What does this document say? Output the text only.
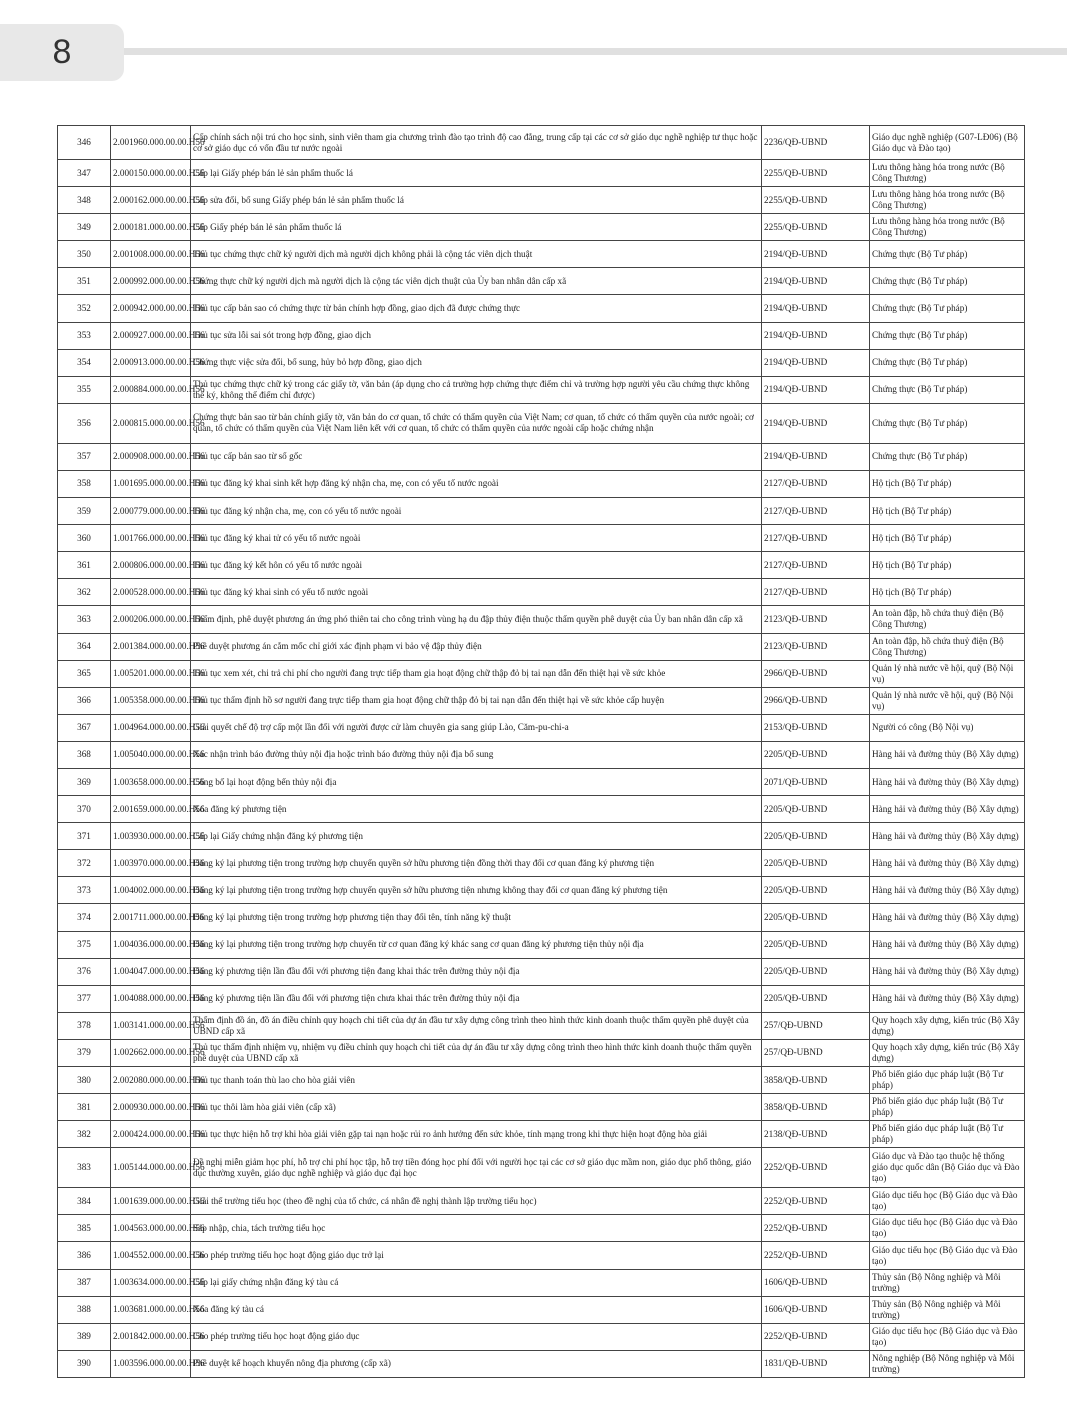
8
346	2.001960.000.00.00.H56	Cấp chính sách nội trú cho học sinh, sinh viên tham gia chương trình đào tạo trình độ cao đẳng, trung cấp tại các cơ sở giáo dục nghề nghiệp tư thục hoặc cơ sở giáo dục có vốn đầu tư nước ngoài	2236/QĐ-UBND	Giáo dục nghề nghiệp (G07-LĐ06) (Bộ Giáo dục và Đào tạo)
347	2.000150.000.00.00.H56	Cấp lại Giấy phép bán lẻ sản phẩm thuốc lá	2255/QĐ-UBND	Lưu thông hàng hóa trong nước (Bộ Công Thương)
348	2.000162.000.00.00.H56	Cấp sửa đổi, bổ sung Giấy phép bán lẻ sản phẩm thuốc lá	2255/QĐ-UBND	Lưu thông hàng hóa trong nước (Bộ Công Thương)
349	2.000181.000.00.00.H56	Cấp Giấy phép bán lẻ sản phẩm thuốc lá	2255/QĐ-UBND	Lưu thông hàng hóa trong nước (Bộ Công Thương)
350	2.001008.000.00.00.H56	Thủ tục chứng thực chữ ký người dịch mà người dịch không phải là cộng tác viên dịch thuật	2194/QĐ-UBND	Chứng thực (Bộ Tư pháp)
351	2.000992.000.00.00.H56	Chứng thực chữ ký người dịch mà người dịch là cộng tác viên dịch thuật của Ủy ban nhân dân cấp xã	2194/QĐ-UBND	Chứng thực (Bộ Tư pháp)
352	2.000942.000.00.00.H56	Thủ tục cấp bản sao có chứng thực từ bản chính hợp đồng, giao dịch đã được chứng thực	2194/QĐ-UBND	Chứng thực (Bộ Tư pháp)
353	2.000927.000.00.00.H56	Thủ tục sửa lỗi sai sót trong hợp đồng, giao dịch	2194/QĐ-UBND	Chứng thực (Bộ Tư pháp)
354	2.000913.000.00.00.H56	Chứng thực việc sửa đổi, bổ sung, hủy bỏ hợp đồng, giao dịch	2194/QĐ-UBND	Chứng thực (Bộ Tư pháp)
355	2.000884.000.00.00.H56	Thủ tục chứng thực chữ ký trong các giấy tờ, văn bản (áp dụng cho cả trường hợp chứng thực điểm chỉ và trường hợp người yêu cầu chứng thực không thể ký, không thể điểm chỉ được)	2194/QĐ-UBND	Chứng thực (Bộ Tư pháp)
356	2.000815.000.00.00.H56	Chứng thực bản sao từ bản chính giấy tờ, văn bản do cơ quan, tổ chức có thẩm quyền của Việt Nam; cơ quan, tổ chức có thẩm quyền của nước ngoài; cơ quan, tổ chức có thẩm quyền của Việt Nam liên kết với cơ quan, tổ chức có thẩm quyền của nước ngoài cấp hoặc chứng nhận	2194/QĐ-UBND	Chứng thực (Bộ Tư pháp)
357	2.000908.000.00.00.H56	Thủ tục cấp bản sao từ sổ gốc	2194/QĐ-UBND	Chứng thực (Bộ Tư pháp)
358	1.001695.000.00.00.H56	Thủ tục đăng ký khai sinh kết hợp đăng ký nhận cha, mẹ, con có yếu tố nước ngoài	2127/QĐ-UBND	Hộ tịch (Bộ Tư pháp)
359	2.000779.000.00.00.H56	Thủ tục đăng ký nhận cha, mẹ, con có yếu tố nước ngoài	2127/QĐ-UBND	Hộ tịch (Bộ Tư pháp)
360	1.001766.000.00.00.H56	Thủ tục đăng ký khai tử có yếu tố nước ngoài	2127/QĐ-UBND	Hộ tịch (Bộ Tư pháp)
361	2.000806.000.00.00.H56	Thủ tục đăng ký kết hôn có yếu tố nước ngoài	2127/QĐ-UBND	Hộ tịch (Bộ Tư pháp)
362	2.000528.000.00.00.H56	Thủ tục đăng ký khai sinh có yếu tố nước ngoài	2127/QĐ-UBND	Hộ tịch (Bộ Tư pháp)
363	2.000206.000.00.00.H56	Thẩm định, phê duyệt phương án ứng phó thiên tai cho công trình vùng hạ du đập thủy điện thuộc thẩm quyền phê duyệt của Ủy ban nhân dân cấp xã	2123/QĐ-UBND	An toàn đập, hồ chứa thuỷ điện (Bộ Công Thương)
364	2.001384.000.00.00.H56	Phê duyệt phương án cắm mốc chỉ giới xác định phạm vi bảo vệ đập thủy điện	2123/QĐ-UBND	An toàn đập, hồ chứa thuỷ điện (Bộ Công Thương)
365	1.005201.000.00.00.H56	Thủ tục xem xét, chi trả chi phí cho người đang trực tiếp tham gia hoạt động chữ thập đỏ bị tai nạn dẫn đến thiệt hại về sức khỏe	2966/QĐ-UBND	Quản lý nhà nước về hội, quỹ (Bộ Nội vụ)
366	1.005358.000.00.00.H56	Thủ tục thẩm định hồ sơ người đang trực tiếp tham gia hoạt động chữ thập đỏ bị tai nạn dẫn đến thiệt hại về sức khỏe cấp huyện	2966/QĐ-UBND	Quản lý nhà nước về hội, quỹ (Bộ Nội vụ)
367	1.004964.000.00.00.H56	Giải quyết chế độ trợ cấp một lần đối với người được cử làm chuyên gia sang giúp Lào, Căm-pu-chi-a	2153/QĐ-UBND	Người có công (Bộ Nội vụ)
368	1.005040.000.00.00.H56	Xác nhận trình báo đường thủy nội địa hoặc trình báo đường thủy nội địa bổ sung	2205/QĐ-UBND	Hàng hải và đường thủy (Bộ Xây dựng)
369	1.003658.000.00.00.H56	Công bố lại hoạt động bến thủy nội địa	2071/QĐ-UBND	Hàng hải và đường thủy (Bộ Xây dựng)
370	2.001659.000.00.00.H56	Xóa đăng ký phương tiện	2205/QĐ-UBND	Hàng hải và đường thủy (Bộ Xây dựng)
371	1.003930.000.00.00.H56	Cấp lại Giấy chứng nhận đăng ký phương tiện	2205/QĐ-UBND	Hàng hải và đường thủy (Bộ Xây dựng)
372	1.003970.000.00.00.H56	Đăng ký lại phương tiện trong trường hợp chuyển quyền sở hữu phương tiện đồng thời thay đổi cơ quan đăng ký phương tiện	2205/QĐ-UBND	Hàng hải và đường thủy (Bộ Xây dựng)
373	1.004002.000.00.00.H56	Đăng ký lại phương tiện trong trường hợp chuyển quyền sở hữu phương tiện nhưng không thay đổi cơ quan đăng ký phương tiện	2205/QĐ-UBND	Hàng hải và đường thủy (Bộ Xây dựng)
374	2.001711.000.00.00.H56	Đăng ký lại phương tiện trong trường hợp phương tiện thay đổi tên, tính năng kỹ thuật	2205/QĐ-UBND	Hàng hải và đường thủy (Bộ Xây dựng)
375	1.004036.000.00.00.H56	Đăng ký lại phương tiện trong trường hợp chuyển từ cơ quan đăng ký khác sang cơ quan đăng ký phương tiện thủy nội địa	2205/QĐ-UBND	Hàng hải và đường thủy (Bộ Xây dựng)
376	1.004047.000.00.00.H56	Đăng ký phương tiện lần đầu đối với phương tiện đang khai thác trên đường thủy nội địa	2205/QĐ-UBND	Hàng hải và đường thủy (Bộ Xây dựng)
377	1.004088.000.00.00.H56	Đăng ký phương tiện lần đầu đối với phương tiện chưa khai thác trên đường thủy nội địa	2205/QĐ-UBND	Hàng hải và đường thủy (Bộ Xây dựng)
378	1.003141.000.00.00.H56	Thẩm định đồ án, đồ án điều chỉnh quy hoạch chi tiết của dự án đầu tư xây dựng công trình theo hình thức kinh doanh thuộc thẩm quyền phê duyệt của UBND cấp xã	257/QĐ-UBND	Quy hoạch xây dựng, kiến trúc (Bộ Xây dựng)
379	1.002662.000.00.00.H56	Thủ tục thẩm định nhiệm vụ, nhiệm vụ điều chỉnh quy hoạch chi tiết của dự án đầu tư xây dựng công trình theo hình thức kinh doanh thuộc thẩm quyền phê duyệt của UBND cấp xã	257/QĐ-UBND	Quy hoạch xây dựng, kiến trúc (Bộ Xây dựng)
380	2.002080.000.00.00.H56	Thủ tục thanh toán thù lao cho hòa giải viên	3858/QĐ-UBND	Phổ biến giáo dục pháp luật (Bộ Tư pháp)
381	2.000930.000.00.00.H56	Thủ tục thôi làm hòa giải viên (cấp xã)	3858/QĐ-UBND	Phổ biến giáo dục pháp luật (Bộ Tư pháp)
382	2.000424.000.00.00.H56	Thủ tục thực hiện hỗ trợ khi hòa giải viên gặp tai nạn hoặc rủi ro ảnh hưởng đến sức khỏe, tính mạng trong khi thực hiện hoạt động hòa giải	2138/QĐ-UBND	Phổ biến giáo dục pháp luật (Bộ Tư pháp)
383	1.005144.000.00.00.H56	Đề nghị miễn giảm học phí, hỗ trợ chi phí học tập, hỗ trợ tiền đóng học phí đối với người học tại các cơ sở giáo dục mầm non, giáo dục phổ thông, giáo dục thường xuyên, giáo dục nghề nghiệp và giáo dục đại học	2252/QĐ-UBND	Giáo dục và Đào tạo thuộc hệ thống giáo dục quốc dân (Bộ Giáo dục và Đào tạo)
384	1.001639.000.00.00.H56	Giải thể trường tiểu học (theo đề nghị của tổ chức, cá nhân đề nghị thành lập trường tiểu học)	2252/QĐ-UBND	Giáo dục tiểu học (Bộ Giáo dục và Đào tạo)
385	1.004563.000.00.00.H56	Sáp nhập, chia, tách trường tiểu học	2252/QĐ-UBND	Giáo dục tiểu học (Bộ Giáo dục và Đào tạo)
386	1.004552.000.00.00.H56	Cho phép trường tiểu học hoạt động giáo dục trở lại	2252/QĐ-UBND	Giáo dục tiểu học (Bộ Giáo dục và Đào tạo)
387	1.003634.000.00.00.H56	Cấp lại giấy chứng nhận đăng ký tàu cá	1606/QĐ-UBND	Thủy sản (Bộ Nông nghiệp và Môi trường)
388	1.003681.000.00.00.H56	Xóa đăng ký tàu cá	1606/QĐ-UBND	Thủy sản (Bộ Nông nghiệp và Môi trường)
389	2.001842.000.00.00.H56	Cho phép trường tiểu học hoạt động giáo dục	2252/QĐ-UBND	Giáo dục tiểu học (Bộ Giáo dục và Đào tạo)
390	1.003596.000.00.00.H56	Phê duyệt kế hoạch khuyến nông địa phương (cấp xã)	1831/QĐ-UBND	Nông nghiệp (Bộ Nông nghiệp và Môi trường)
